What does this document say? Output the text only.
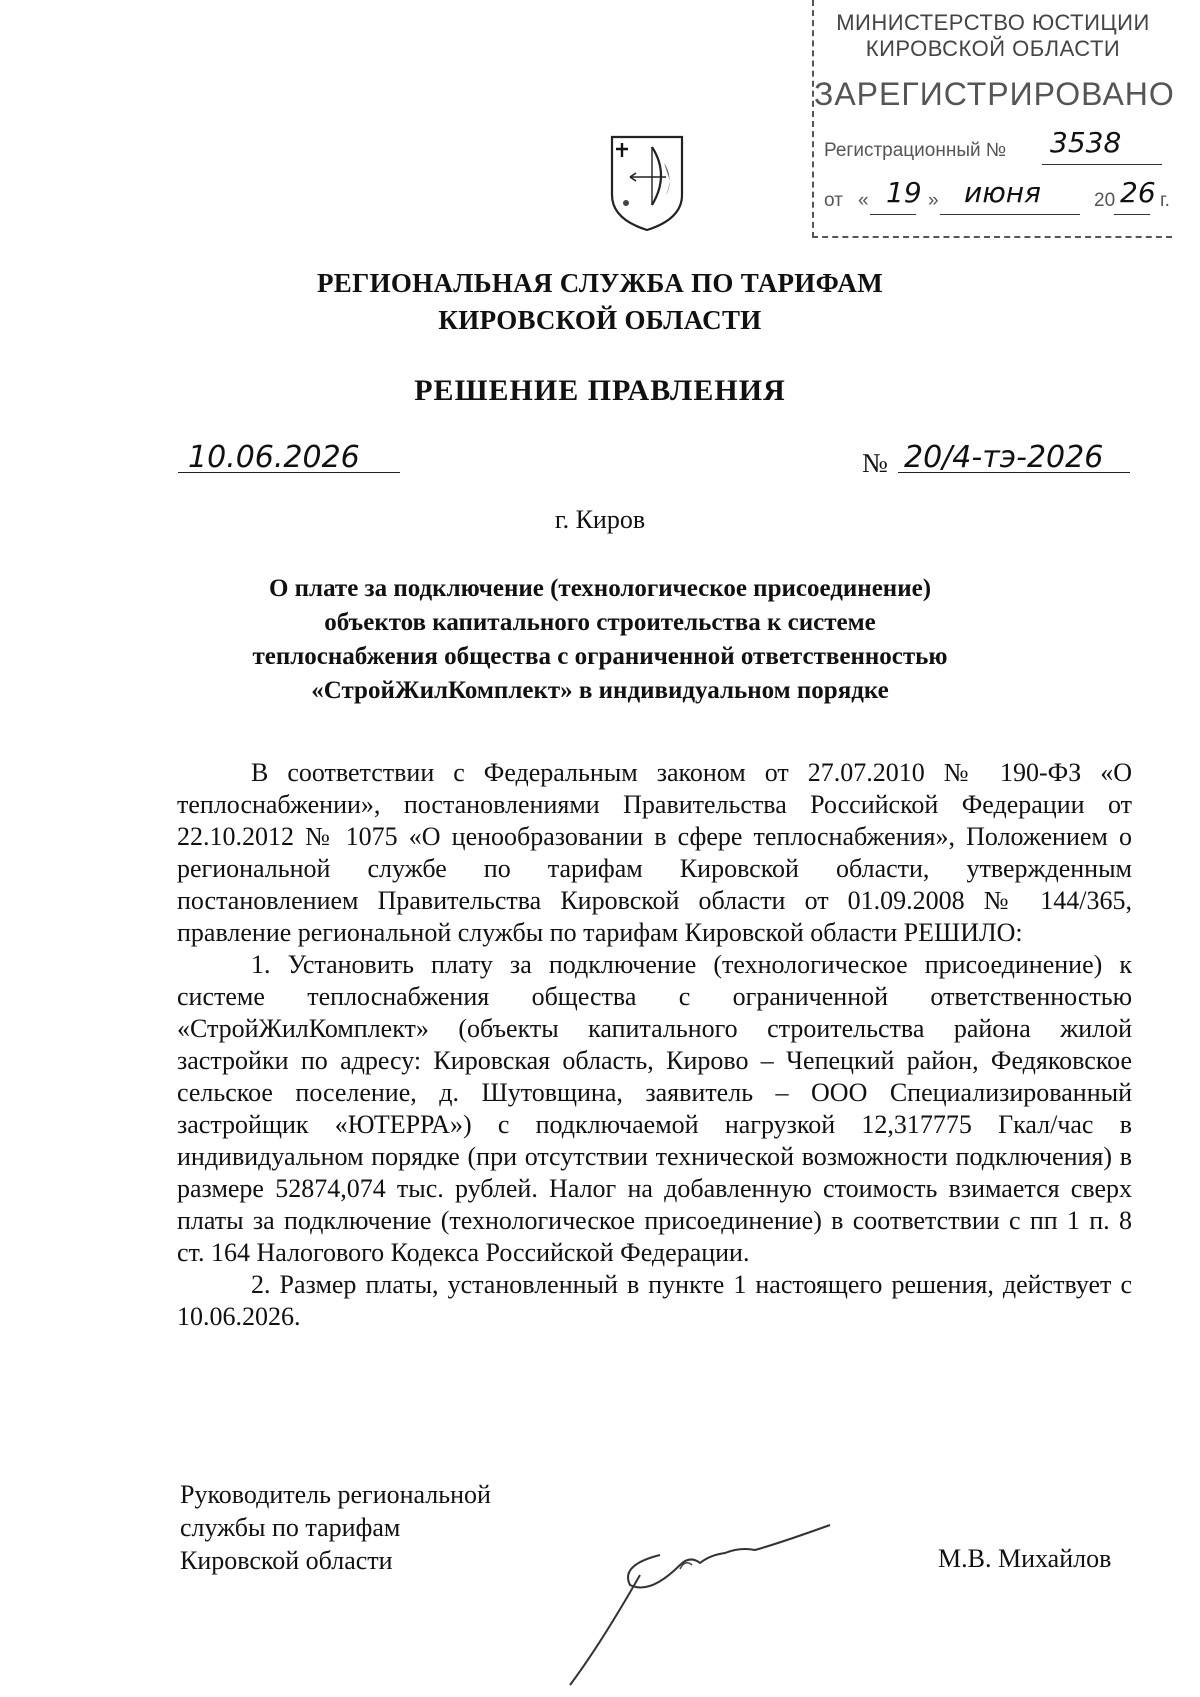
МИНИСТЕРСТВО ЮСТИЦИИ
КИРОВСКОЙ ОБЛАСТИ
ЗАРЕГИСТРИРОВАНО
Регистрационный № 3538
от « 19 » июня	20 26 г.
РЕГИОНАЛЬНАЯ СЛУЖБА ПО ТАРИФАМ
КИРОВСКОЙ ОБЛАСТИ
РЕШЕНИЕ ПРАВЛЕНИЯ
10.06.2026	№ 20/4-тэ-2026
г. Киров
О плате за подключение (технологическое присоединение)
объектов капитального строительства к системе
теплоснабжения общества с ограниченной ответственностью
«СтройЖилКомплект» в индивидуальном порядке

В соответствии с Федеральным законом от 27.07.2010 № 190-ФЗ «О теплоснабжении», постановлениями Правительства Российской Федерации от 22.10.2012 № 1075 «О ценообразовании в сфере теплоснабжения», Положением о региональной службе по тарифам Кировской области, утвержденным постановлением Правительства Кировской области от 01.09.2008 № 144/365, правление региональной службы по тарифам Кировской области РЕШИЛО:

1. Установить плату за подключение (технологическое присоединение) к системе теплоснабжения общества с ограниченной ответственностью «СтройЖилКомплект» (объекты капитального строительства района жилой застройки по адресу: Кировская область, Кирово – Чепецкий район, Федяковское сельское поселение, д. Шутовщина, заявитель – ООО Специализированный застройщик «ЮТЕРРА») с подключаемой нагрузкой 12,317775 Гкал/час в индивидуальном порядке (при отсутствии технической возможности подключения) в размере 52874,074 тыс. рублей. Налог на добавленную стоимость взимается сверх платы за подключение (технологическое присоединение) в соответствии с пп 1 п. 8 ст. 164 Налогового Кодекса Российской Федерации.

2. Размер платы, установленный в пункте 1 настоящего решения, действует с 10.06.2026.

Руководитель региональной
службы по тарифам
Кировской области	М.В. Михайлов
